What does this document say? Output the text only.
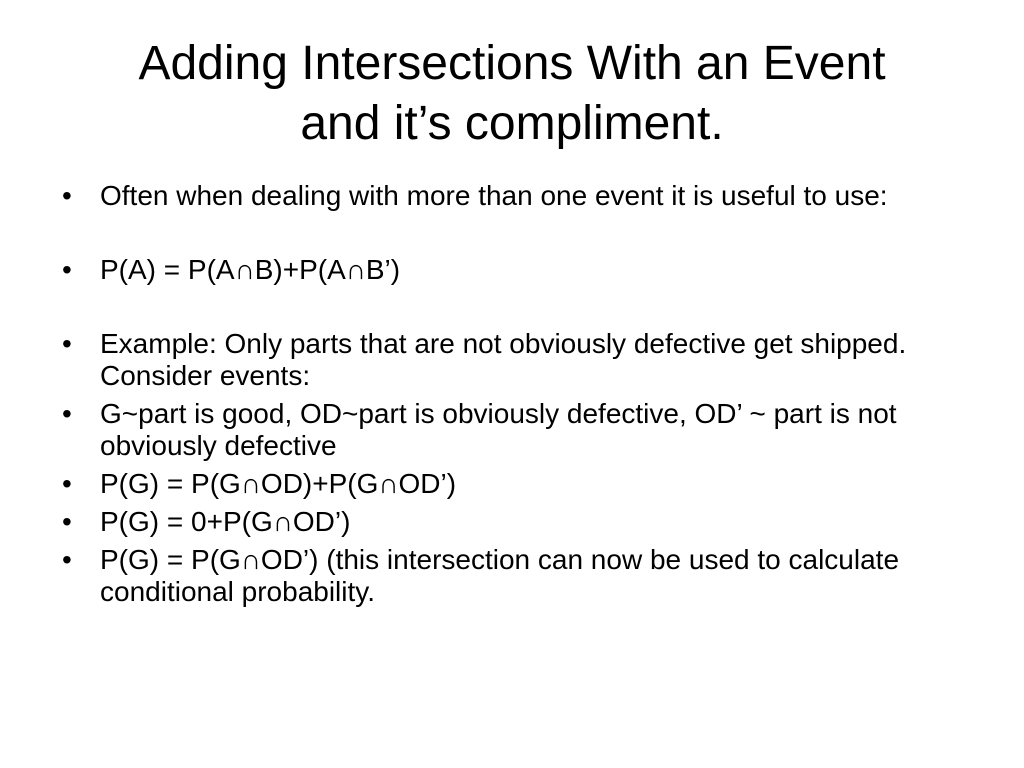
Adding Intersections With an Event
and it’s compliment.
• Often when dealing with more than one event it is useful to use:
• P(A) = P(A∩B)+P(A∩B’)
• Example: Only parts that are not obviously defective get shipped. Consider events:
• G~part is good, OD~part is obviously defective, OD’ ~ part is not obviously defective
• P(G) = P(G∩OD)+P(G∩OD’)
• P(G) = 0+P(G∩OD’)
• P(G) = P(G∩OD’) (this intersection can now be used to calculate conditional probability.
